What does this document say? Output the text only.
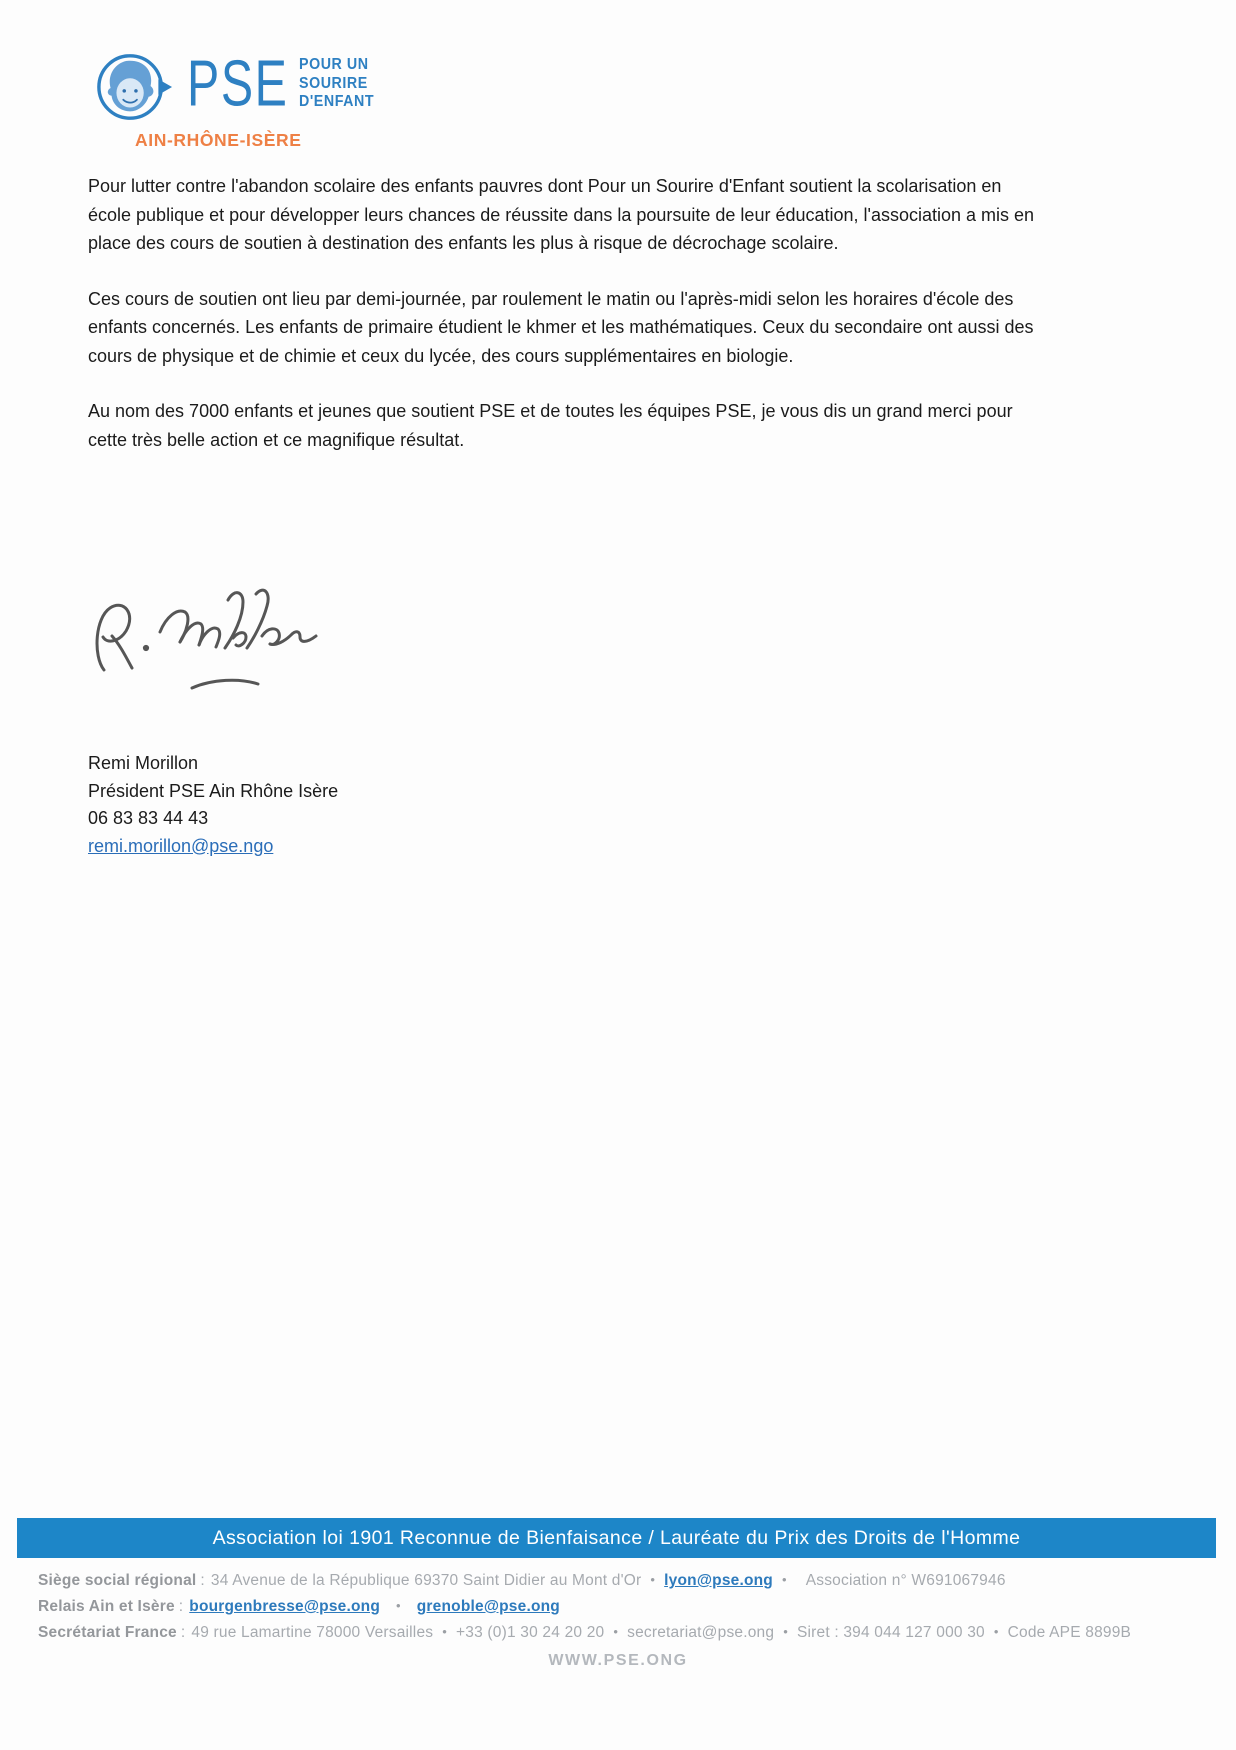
PSE POUR UN
SOURIRE
D'ENFANT
AIN-RHÔNE-ISÈRE

Pour lutter contre l'abandon scolaire des enfants pauvres dont Pour un Sourire d'Enfant soutient la scolarisation en école publique et pour développer leurs chances de réussite dans la poursuite de leur éducation, l'association a mis en place des cours de soutien à destination des enfants les plus à risque de décrochage scolaire.

Ces cours de soutien ont lieu par demi-journée, par roulement le matin ou l'après-midi selon les horaires d'école des enfants concernés. Les enfants de primaire étudient le khmer et les mathématiques. Ceux du secondaire ont aussi des cours de physique et de chimie et ceux du lycée, des cours supplémentaires en biologie.

Au nom des 7000 enfants et jeunes que soutient PSE et de toutes les équipes PSE, je vous dis un grand merci pour cette très belle action et ce magnifique résultat.

Remi Morillon
Président PSE Ain Rhône Isère
06 83 83 44 43
remi.morillon@pse.ngo
Association loi 1901 Reconnue de Bienfaisance / Lauréate du Prix des Droits de l'Homme
Siège social régional : 34 Avenue de la République 69370 Saint Didier au Mont d'Or • lyon@pse.ong • Association n° W691067946
Relais Ain et Isère : bourgenbresse@pse.ong • grenoble@pse.ong
Secrétariat France : 49 rue Lamartine 78000 Versailles • +33 (0)1 30 24 20 20 • secretariat@pse.ong • Siret : 394 044 127 000 30 • Code APE 8899B
WWW.PSE.ONG
